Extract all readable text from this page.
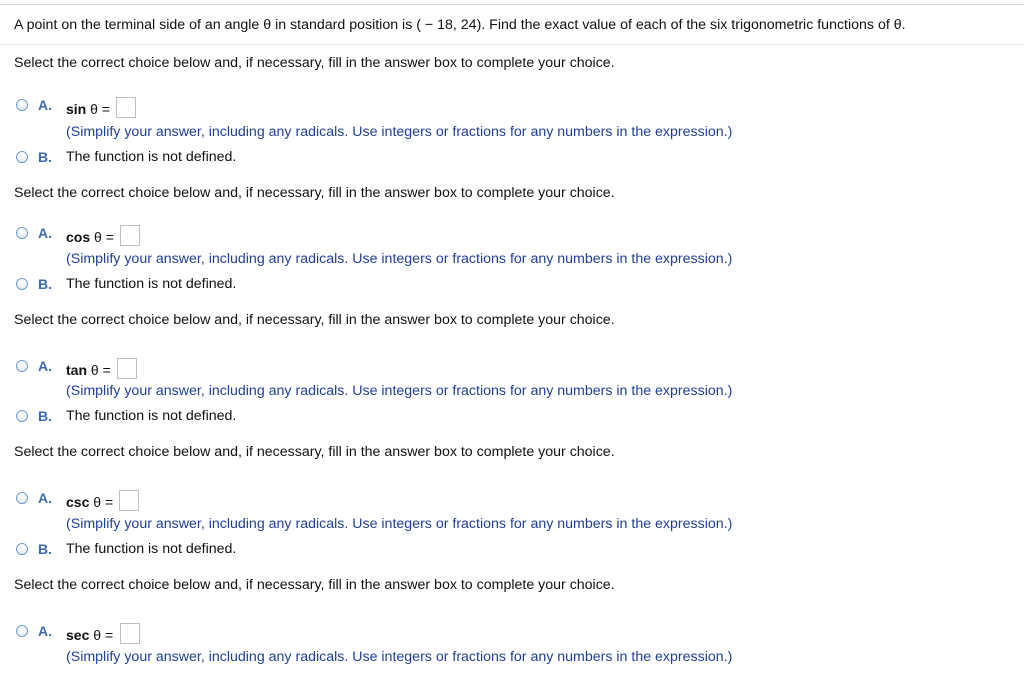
A point on the terminal side of an angle θ in standard position is ( − 18, 24). Find the exact value of each of the six trigonometric functions of θ.
Select the correct choice below and, if necessary, fill in the answer box to complete your choice.
A. sin θ =
(Simplify your answer, including any radicals. Use integers or fractions for any numbers in the expression.)
B. The function is not defined.
Select the correct choice below and, if necessary, fill in the answer box to complete your choice.
A. cos θ =
(Simplify your answer, including any radicals. Use integers or fractions for any numbers in the expression.)
B. The function is not defined.
Select the correct choice below and, if necessary, fill in the answer box to complete your choice.
A. tan θ =
(Simplify your answer, including any radicals. Use integers or fractions for any numbers in the expression.)
B. The function is not defined.
Select the correct choice below and, if necessary, fill in the answer box to complete your choice.
A. csc θ =
(Simplify your answer, including any radicals. Use integers or fractions for any numbers in the expression.)
B. The function is not defined.
Select the correct choice below and, if necessary, fill in the answer box to complete your choice.
A. sec θ =
(Simplify your answer, including any radicals. Use integers or fractions for any numbers in the expression.)
